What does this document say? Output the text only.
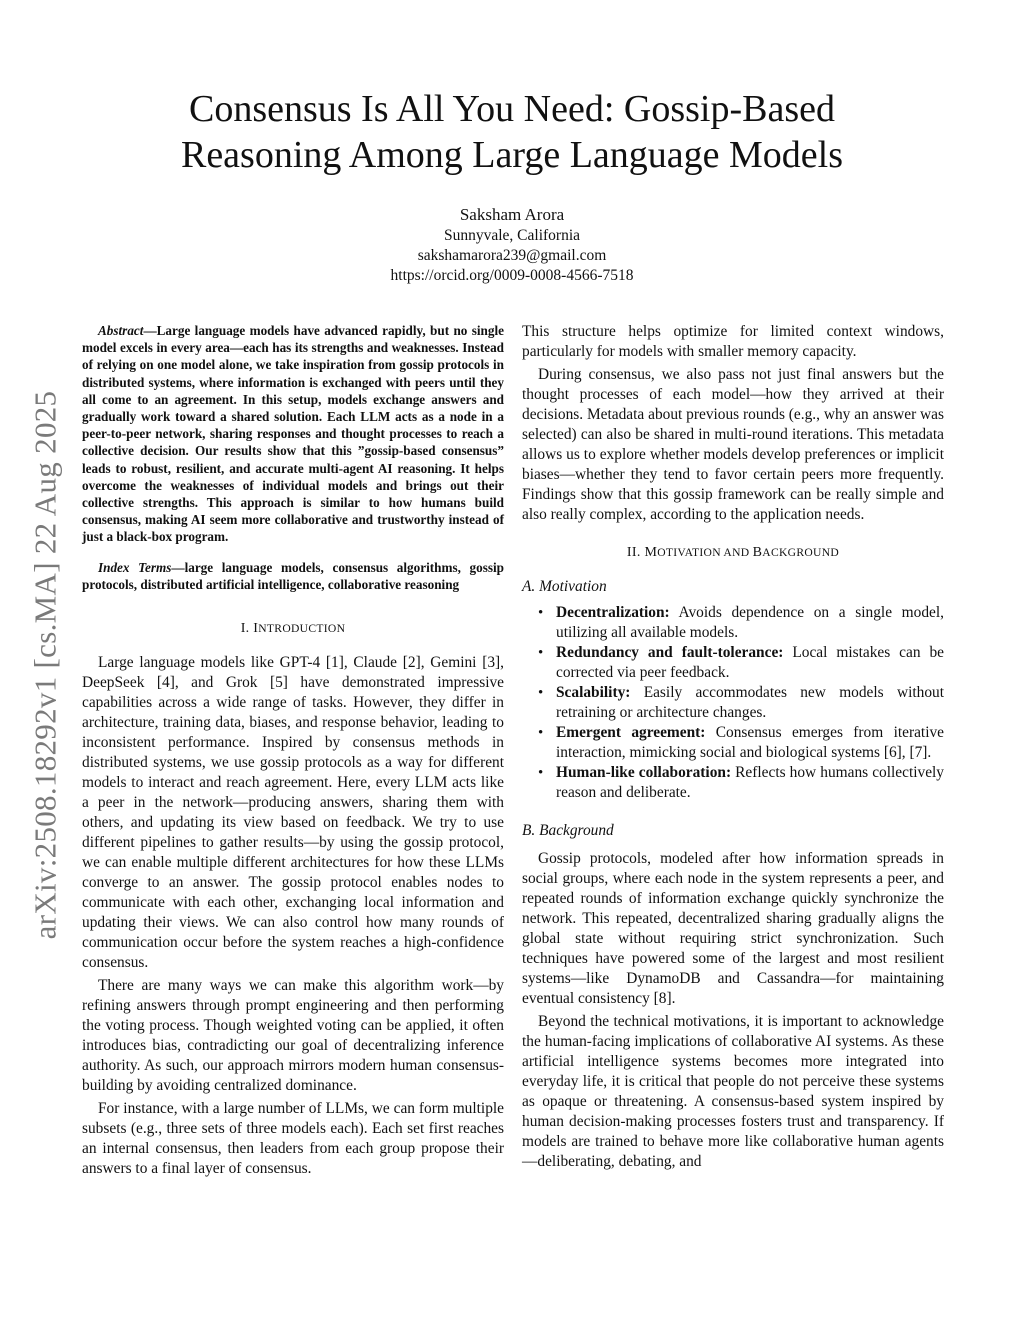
arXiv:2508.18292v1 [cs.MA] 22 Aug 2025
Consensus Is All You Need: Gossip-Based
Reasoning Among Large Language Models
Saksham Arora
Sunnyvale, California
sakshamarora239@gmail.com
https://orcid.org/0009-0008-4566-7518

Abstract—Large language models have advanced rapidly, but no single model excels in every area—each has its strengths and weaknesses. Instead of relying on one model alone, we take inspiration from gossip protocols in distributed systems, where information is exchanged with peers until they all come to an agreement. In this setup, models exchange answers and gradually work toward a shared solution. Each LLM acts as a node in a peer-to-peer network, sharing responses and thought processes to reach a collective decision. Our results show that this ”gossip-based consensus” leads to robust, resilient, and accurate multi-agent AI reasoning. It helps overcome the weaknesses of individual models and brings out their collective strengths. This approach is similar to how humans build consensus, making AI seem more collaborative and trustworthy instead of just a black-box program.

Index Terms—large language models, consensus algorithms, gossip protocols, distributed artificial intelligence, collaborative reasoning

I. INTRODUCTION

Large language models like GPT-4 [1], Claude [2], Gemini [3], DeepSeek [4], and Grok [5] have demonstrated impressive capabilities across a wide range of tasks. However, they differ in architecture, training data, biases, and response behavior, leading to inconsistent performance. Inspired by consensus methods in distributed systems, we use gossip protocols as a way for different models to interact and reach agreement. Here, every LLM acts like a peer in the network—producing answers, sharing them with others, and updating its view based on feedback. We try to use different pipelines to gather results—by using the gossip protocol, we can enable multiple different architectures for how these LLMs converge to an answer. The gossip protocol enables nodes to communicate with each other, exchanging local information and updating their views. We can also control how many rounds of communication occur before the system reaches a high-confidence consensus.

There are many ways we can make this algorithm work—by refining answers through prompt engineering and then performing the voting process. Though weighted voting can be applied, it often introduces bias, contradicting our goal of decentralizing inference authority. As such, our approach mirrors modern human consensus-building by avoiding centralized dominance.

For instance, with a large number of LLMs, we can form multiple subsets (e.g., three sets of three models each). Each set first reaches an internal consensus, then leaders from each group propose their answers to a final layer of consensus.

This structure helps optimize for limited context windows, particularly for models with smaller memory capacity.

During consensus, we also pass not just final answers but the thought processes of each model—how they arrived at their decisions. Metadata about previous rounds (e.g., why an answer was selected) can also be shared in multi-round iterations. This metadata allows us to explore whether models develop preferences or implicit biases—whether they tend to favor certain peers more frequently. Findings show that this gossip framework can be really simple and also really complex, according to the application needs.

II. MOTIVATION AND BACKGROUND
A. Motivation
• Decentralization: Avoids dependence on a single model, utilizing all available models.
• Redundancy and fault-tolerance: Local mistakes can be corrected via peer feedback.
• Scalability: Easily accommodates new models without retraining or architecture changes.
• Emergent agreement: Consensus emerges from iterative interaction, mimicking social and biological systems [6], [7].
• Human-like collaboration: Reflects how humans collectively reason and deliberate.
B. Background

Gossip protocols, modeled after how information spreads in social groups, where each node in the system represents a peer, and repeated rounds of information exchange quickly synchronize the network. This repeated, decentralized sharing gradually aligns the global state without requiring strict synchronization. Such techniques have powered some of the largest and most resilient systems—like DynamoDB and Cassandra—for maintaining eventual consistency [8].

Beyond the technical motivations, it is important to acknowledge the human-facing implications of collaborative AI systems. As these artificial intelligence systems becomes more integrated into everyday life, it is critical that people do not perceive these systems as opaque or threatening. A consensus-based system inspired by human decision-making processes fosters trust and transparency. If models are trained to behave more like collaborative human agents—deliberating, debating, and
